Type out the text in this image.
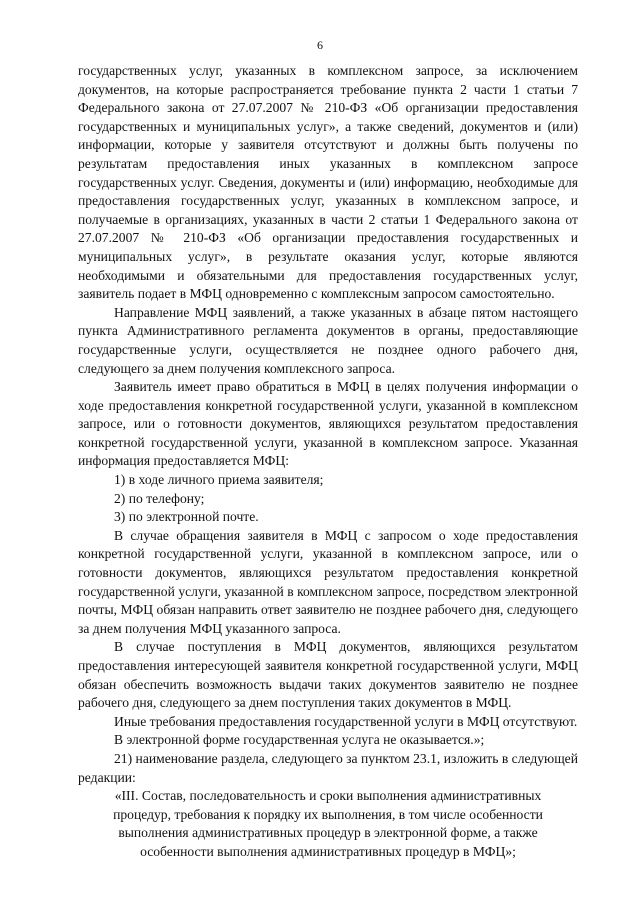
6

государственных услуг, указанных в комплексном запросе, за исключением документов, на которые распространяется требование пункта 2 части 1 статьи 7 Федерального закона от 27.07.2007 № 210-ФЗ «Об организации предоставления государственных и муниципальных услуг», а также сведений, документов и (или) информации, которые у заявителя отсутствуют и должны быть получены по результатам предоставления иных указанных в комплексном запросе государственных услуг. Сведения, документы и (или) информацию, необходимые для предоставления государственных услуг, указанных в комплексном запросе, и получаемые в организациях, указанных в части 2 статьи 1 Федерального закона от 27.07.2007 № 210-ФЗ «Об организации предоставления государственных и муниципальных услуг», в результате оказания услуг, которые являются необходимыми и обязательными для предоставления государственных услуг, заявитель подает в МФЦ одновременно с комплексным запросом самостоятельно.

Направление МФЦ заявлений, а также указанных в абзаце пятом настоящего пункта Административного регламента документов в органы, предоставляющие государственные услуги, осуществляется не позднее одного рабочего дня, следующего за днем получения комплексного запроса.

Заявитель имеет право обратиться в МФЦ в целях получения информации о ходе предоставления конкретной государственной услуги, указанной в комплексном запросе, или о готовности документов, являющихся результатом предоставления конкретной государственной услуги, указанной в комплексном запросе. Указанная информация предоставляется МФЦ:

1) в ходе личного приема заявителя;

2) по телефону;

3) по электронной почте.

В случае обращения заявителя в МФЦ с запросом о ходе предоставления конкретной государственной услуги, указанной в комплексном запросе, или о готовности документов, являющихся результатом предоставления конкретной государственной услуги, указанной в комплексном запросе, посредством электронной почты, МФЦ обязан направить ответ заявителю не позднее рабочего дня, следующего за днем получения МФЦ указанного запроса.

В случае поступления в МФЦ документов, являющихся результатом предоставления интересующей заявителя конкретной государственной услуги, МФЦ обязан обеспечить возможность выдачи таких документов заявителю не позднее рабочего дня, следующего за днем поступления таких документов в МФЦ.

Иные требования предоставления государственной услуги в МФЦ отсутствуют.

В электронной форме государственная услуга не оказывается.»;

21) наименование раздела, следующего за пунктом 23.1, изложить в следующей редакции:

«III. Состав, последовательность и сроки выполнения административных процедур, требования к порядку их выполнения, в том числе особенности выполнения административных процедур в электронной форме, а также особенности выполнения административных процедур в МФЦ»;
